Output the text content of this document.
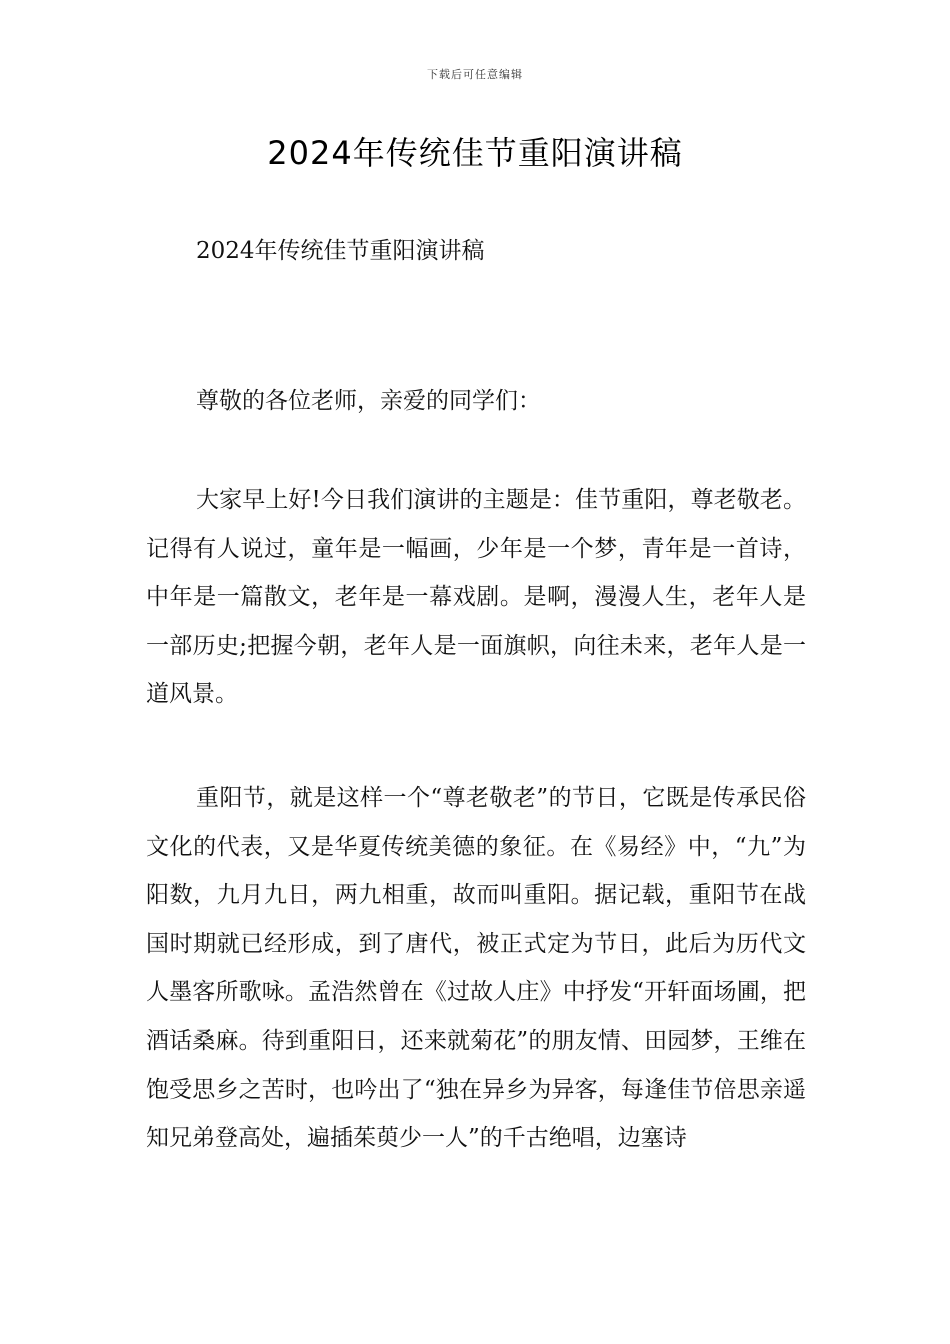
下载后可任意编辑
2024年传统佳节重阳演讲稿
2024年传统佳节重阳演讲稿
尊敬的各位老师，亲爱的同学们：

大家早上好!今日我们演讲的主题是：佳节重阳，尊老敬老。记得有人说过，童年是一幅画，少年是一个梦，青年是一首诗，中年是一篇散文，老年是一幕戏剧。是啊，漫漫人生，老年人是一部历史;把握今朝，老年人是一面旗帜，向往未来，老年人是一道风景。

重阳节，就是这样一个“尊老敬老”的节日，它既是传承民俗文化的代表，又是华夏传统美德的象征。在《易经》中，“九”为阳数，九月九日，两九相重，故而叫重阳。据记载，重阳节在战国时期就已经形成，到了唐代，被正式定为节日，此后为历代文人墨客所歌咏。孟浩然曾在《过故人庄》中抒发“开轩面场圃，把酒话桑麻。待到重阳日，还来就菊花”的朋友情、田园梦，王维在饱受思乡之苦时，也吟出了“独在异乡为异客，每逢佳节倍思亲遥知兄弟登高处，遍插茱萸少一人”的千古绝唱，边塞诗
